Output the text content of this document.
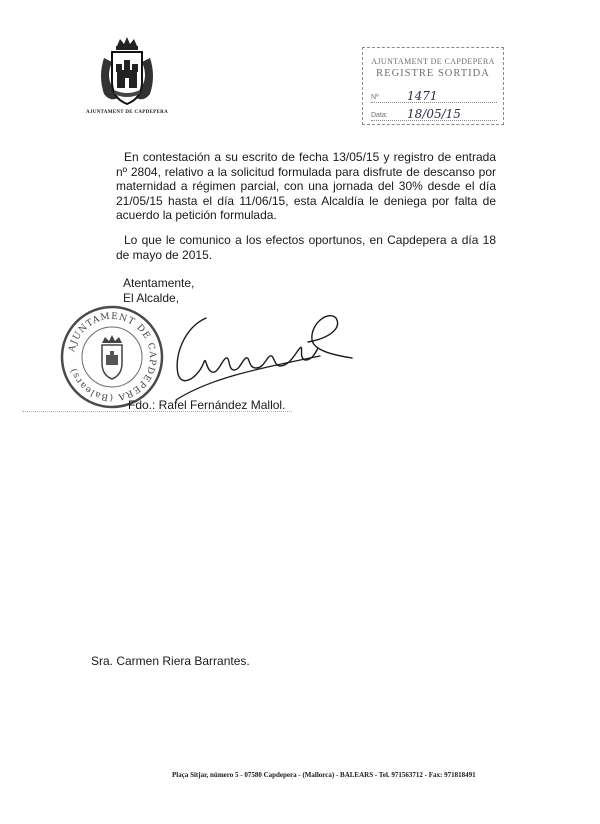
AJUNTAMENT DE CAPDEPERA
AJUNTAMENT DE CAPDEPERA
REGISTRE SORTIDA
Nº 1471
Data: 18/05/15
En contestación a su escrito de fecha 13/05/15 y registro de entrada nº 2804, relativo a la solicitud formulada para disfrute de descanso por maternidad a régimen parcial, con una jornada del 30% desde el día 21/05/15 hasta el día 11/06/15, esta Alcaldía le deniega por falta de acuerdo la petición formulada.
Lo que le comunico a los efectos oportunos, en Capdepera a día 18 de mayo de 2015.
Atentamente,
El Alcalde,
AJUNTAMENT DE CAPDEPERA (Balears)
Fdo.: Rafel Fernández Mallol.
Sra. Carmen Riera Barrantes.
Plaça Sitjar, número 5 - 07580 Capdepera - (Mallorca) - BALEARS - Tel. 971563712 - Fax: 971818491
